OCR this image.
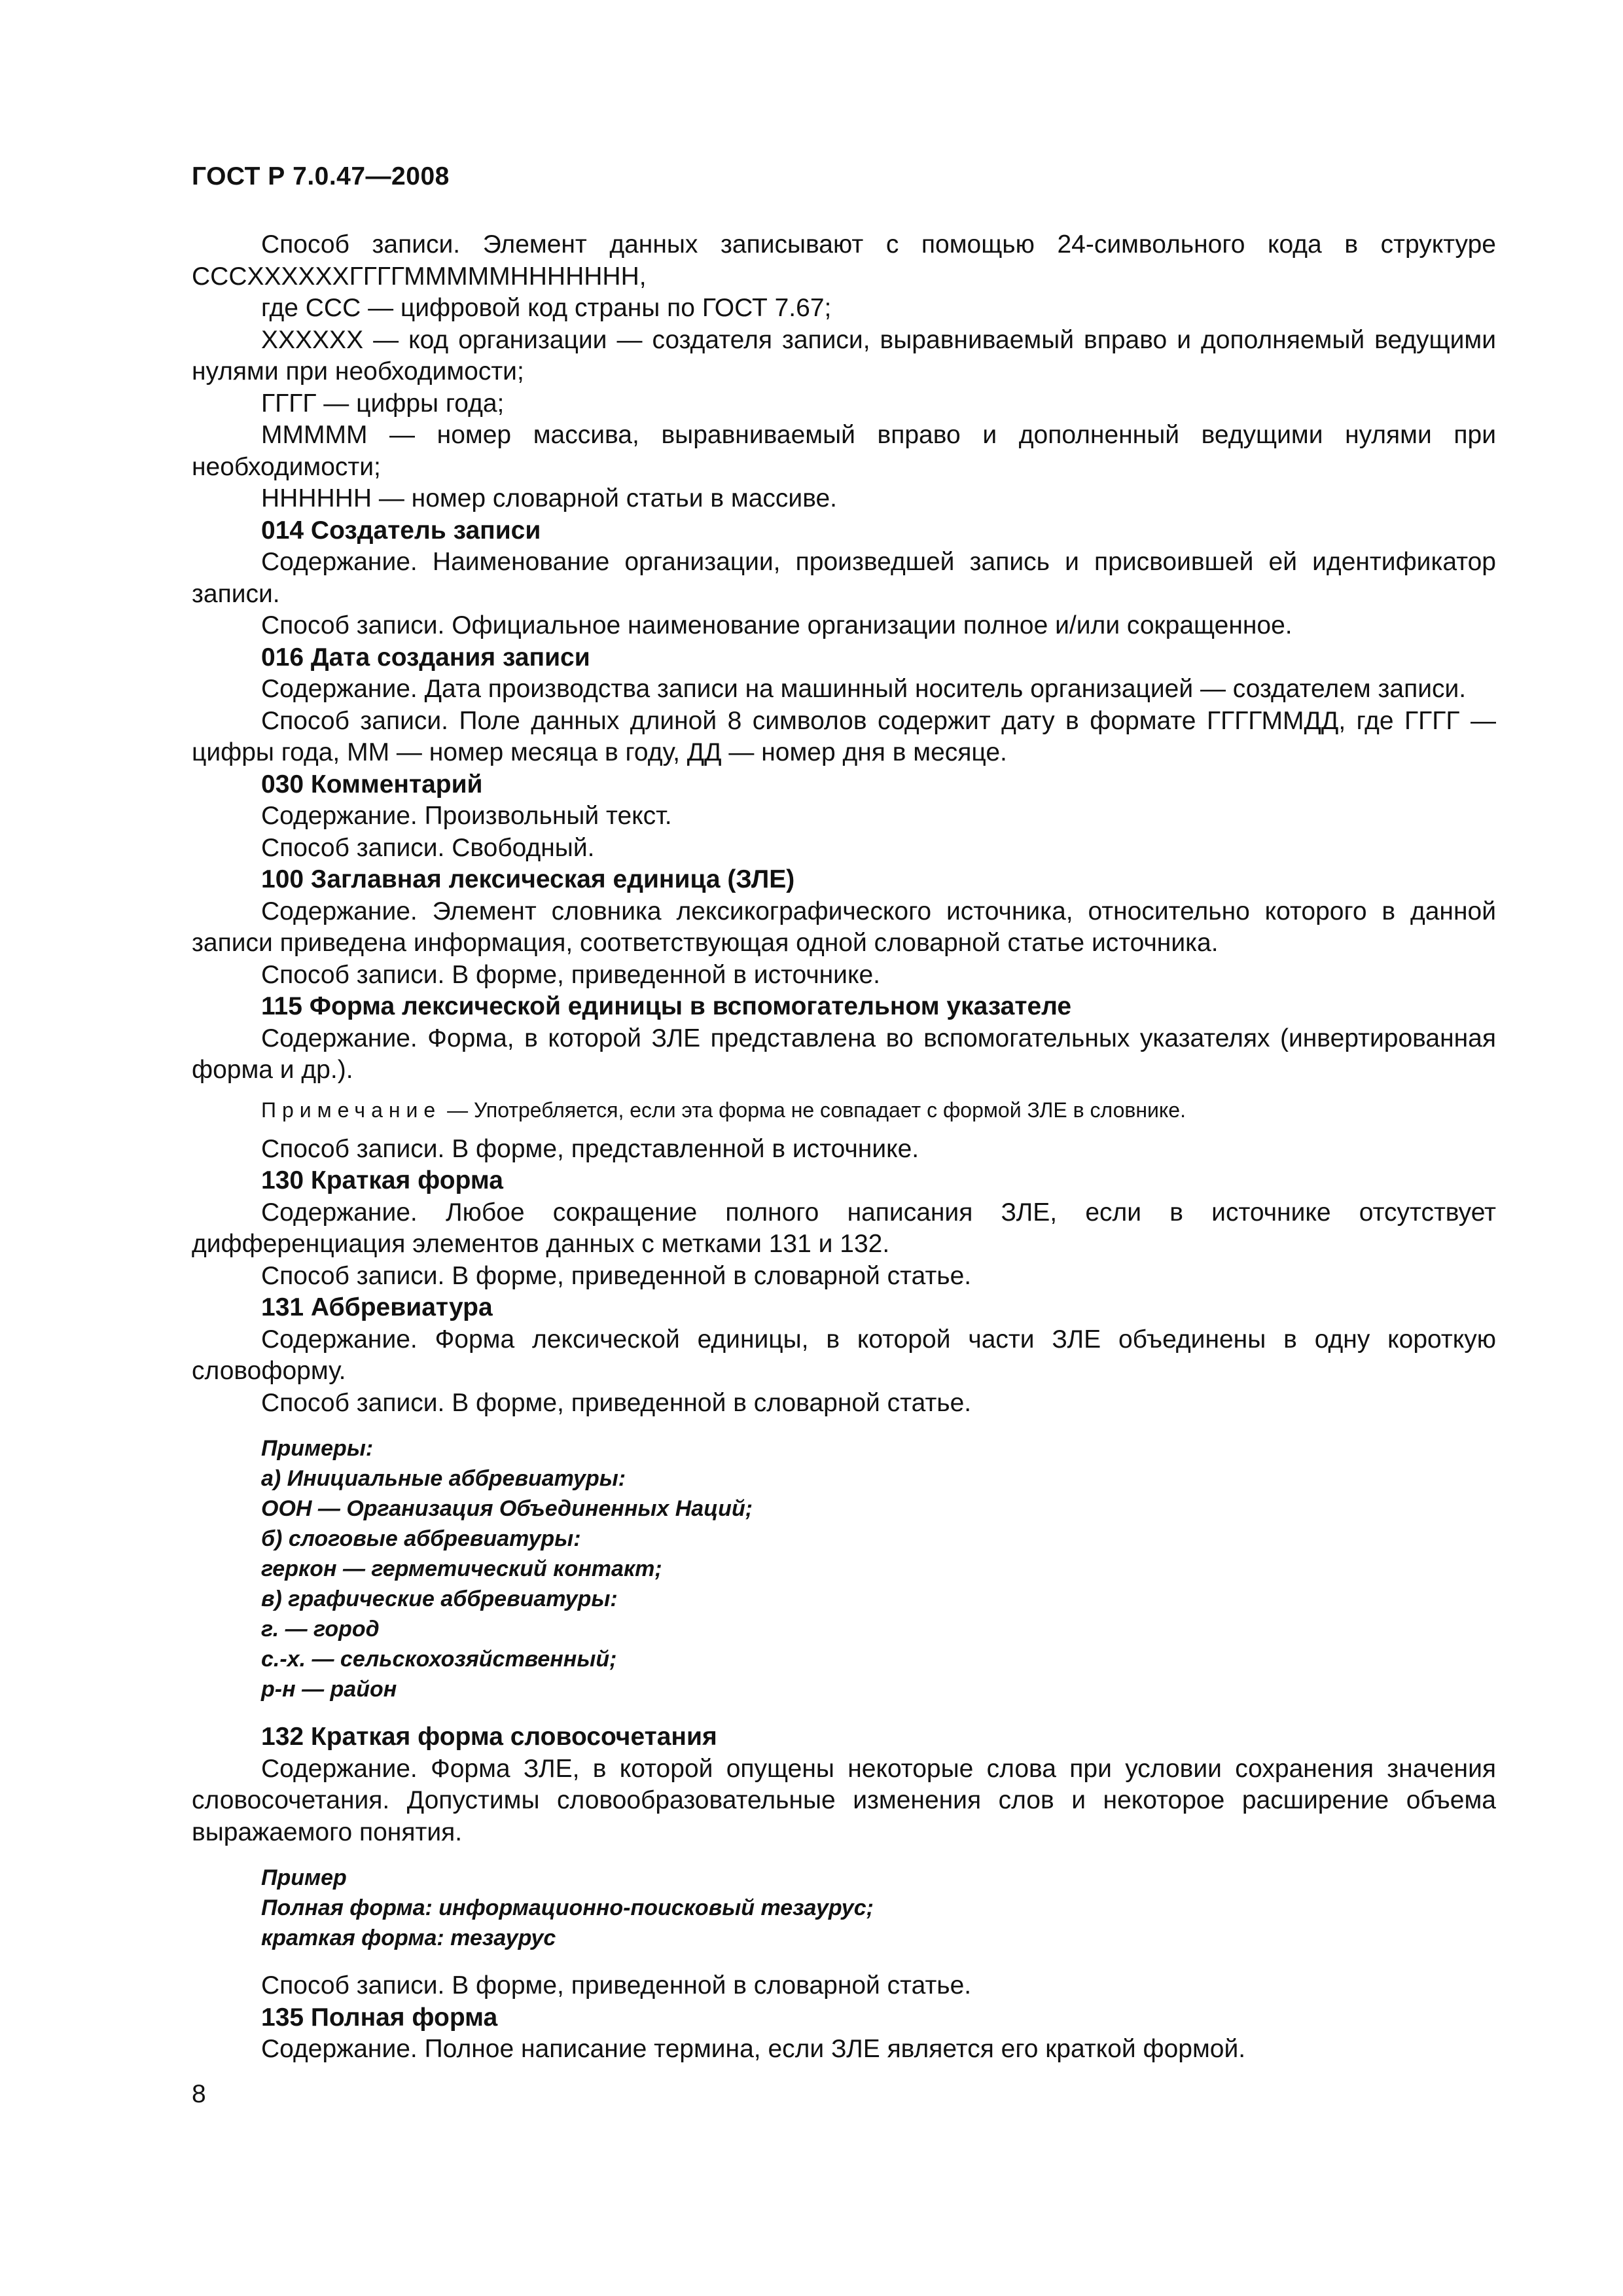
ГОСТ Р 7.0.47—2008

Способ записи. Элемент данных записывают с помощью 24-символьного кода в структуре ССCXXXXXXГГГГММММMHHHHHHH,

где ССС — цифровой код страны по ГОСТ 7.67;

ХХХХХХ — код организации — создателя записи, выравниваемый вправо и дополняемый ведущими нулями при необходимости;

ГГГГ — цифры года;

ММММM — номер массива, выравниваемый вправо и дополненный ведущими нулями при необходимости;

ННННHH — номер словарной статьи в массиве.

014 Создатель записи

Содержание. Наименование организации, произведшей запись и присвоившей ей идентификатор записи.

Способ записи. Официальное наименование организации полное и/или сокращенное.

016 Дата создания записи

Содержание. Дата производства записи на машинный носитель организацией — создателем записи.

Способ записи. Поле данных длиной 8 символов содержит дату в формате ГГГГММДД, где ГГГГ — цифры года, ММ — номер месяца в году, ДД — номер дня в месяце.

030 Комментарий

Содержание. Произвольный текст.

Способ записи. Свободный.

100 Заглавная лексическая единица (ЗЛЕ)

Содержание. Элемент словника лексикографического источника, относительно которого в данной записи приведена информация, соответствующая одной словарной статье источника.

Способ записи. В форме, приведенной в источнике.

115 Форма лексической единицы в вспомогательном указателе

Содержание. Форма, в которой ЗЛЕ представлена во вспомогательных указателях (инвертированная форма и др.).

Примечание — Употребляется, если эта форма не совпадает с формой ЗЛЕ в словнике.

Способ записи. В форме, представленной в источнике.

130 Краткая форма

Содержание. Любое сокращение полного написания ЗЛЕ, если в источнике отсутствует дифференциация элементов данных с метками 131 и 132.

Способ записи. В форме, приведенной в словарной статье.

131 Аббревиатура

Содержание. Форма лексической единицы, в которой части ЗЛЕ объединены в одну короткую словоформу.

Способ записи. В форме, приведенной в словарной статье.

Примеры:
а) Инициальные аббревиатуры:
ООН — Организация Объединенных Наций;
б) слоговые аббревиатуры:
геркон — герметический контакт;
в) графические аббревиатуры:
г. — город
с.-х. — сельскохозяйственный;
р-н — район

132 Краткая форма словосочетания

Содержание. Форма ЗЛЕ, в которой опущены некоторые слова при условии сохранения значения словосочетания. Допустимы словообразовательные изменения слов и некоторое расширение объема выражаемого понятия.

Пример
Полная форма: информационно-поисковый тезаурус;
краткая форма: тезаурус

Способ записи. В форме, приведенной в словарной статье.

135 Полная форма

Содержание. Полное написание термина, если ЗЛЕ является его краткой формой.

8
